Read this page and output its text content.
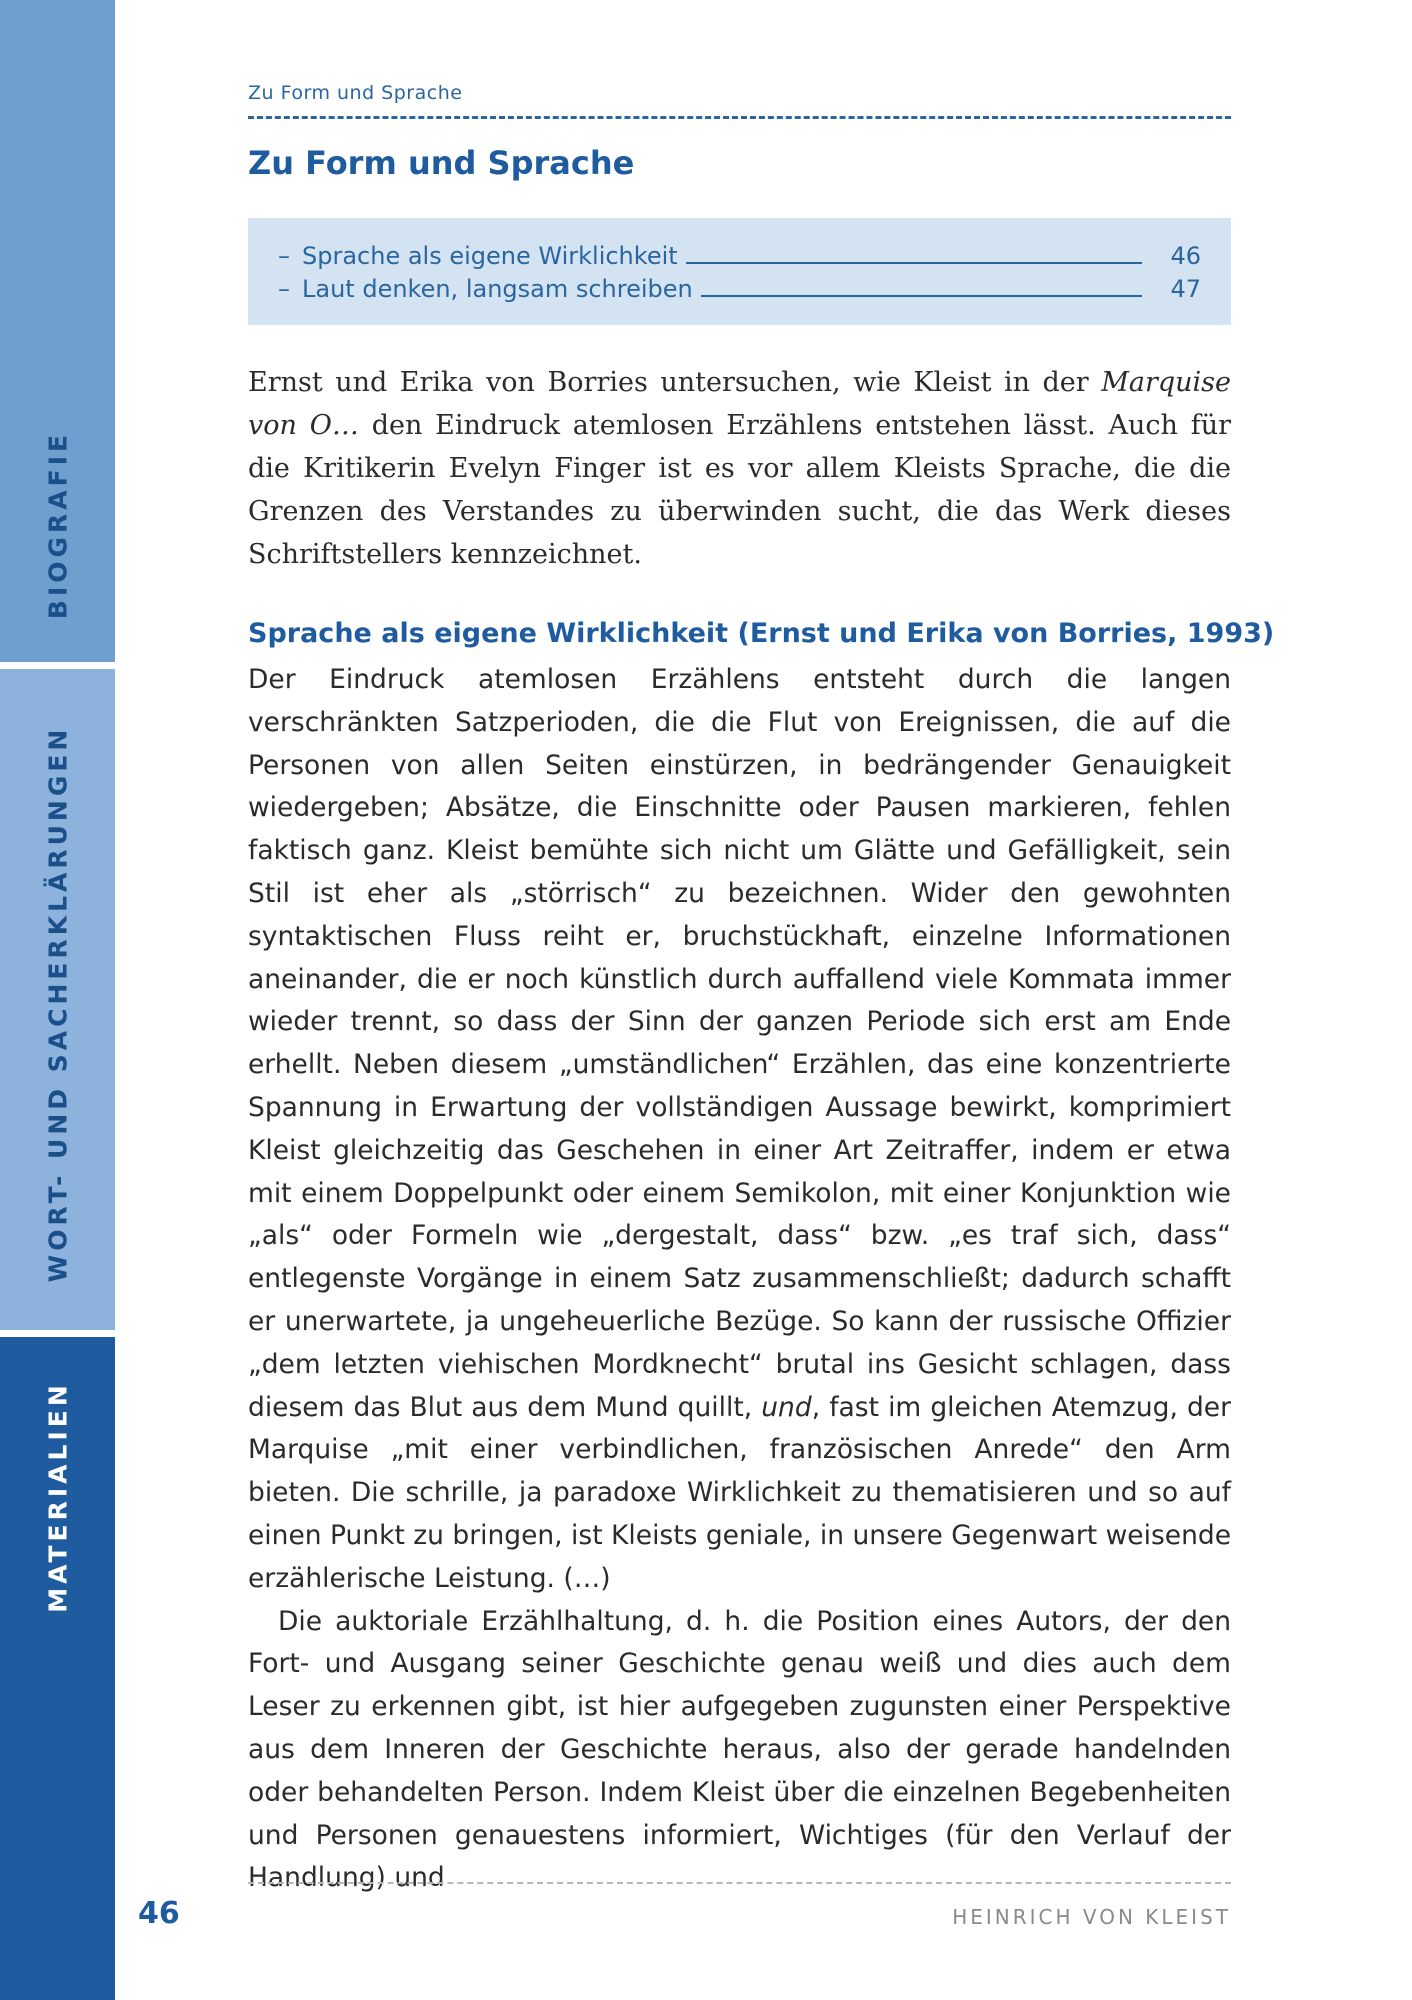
BIOGRAFIE
WORT- UND SACHERKLÄRUNGEN
MATERIALIEN
Zu Form und Sprache
Zu Form und Sprache
– Sprache als eigene Wirklichkeit	46
– Laut denken, langsam schreiben	47

Ernst und Erika von Borries untersuchen, wie Kleist in der Marquise von O… den Eindruck atemlosen Erzählens entstehen lässt. Auch für die Kritikerin Evelyn Finger ist es vor allem Kleists Sprache, die die Grenzen des Verstandes zu überwinden sucht, die das Werk dieses Schriftstellers kennzeichnet.

Sprache als eigene Wirklichkeit (Ernst und Erika von Borries, 1993)

Der Eindruck atemlosen Erzählens entsteht durch die langen verschränkten Satzperioden, die die Flut von Ereignissen, die auf die Personen von allen Seiten einstürzen, in bedrängender Genauigkeit wiedergeben; Absätze, die Einschnitte oder Pausen markieren, fehlen faktisch ganz. Kleist bemühte sich nicht um Glätte und Gefälligkeit, sein Stil ist eher als „störrisch“ zu bezeichnen. Wider den gewohnten syntaktischen Fluss reiht er, bruchstückhaft, einzelne Informationen aneinander, die er noch künstlich durch auffallend viele Kommata immer wieder trennt, so dass der Sinn der ganzen Periode sich erst am Ende erhellt. Neben diesem „umständlichen“ Erzählen, das eine konzentrierte Spannung in Erwartung der vollständigen Aussage bewirkt, komprimiert Kleist gleichzeitig das Geschehen in einer Art Zeitraffer, indem er etwa mit einem Doppelpunkt oder einem Semikolon, mit einer Konjunktion wie „als“ oder Formeln wie „dergestalt, dass“ bzw. „es traf sich, dass“ entlegenste Vorgänge in einem Satz zusammenschließt; dadurch schafft er unerwartete, ja ungeheuerliche Bezüge. So kann der russische Offizier „dem letzten viehischen Mordknecht“ brutal ins Gesicht schlagen, dass diesem das Blut aus dem Mund quillt, und, fast im gleichen Atemzug, der Marquise „mit einer verbindlichen, französischen Anrede“ den Arm bieten. Die schrille, ja paradoxe Wirklichkeit zu thematisieren und so auf einen Punkt zu bringen, ist Kleists geniale, in unsere Gegenwart weisende erzählerische Leistung. (…)

Die auktoriale Erzählhaltung, d. h. die Position eines Autors, der den Fort- und Ausgang seiner Geschichte genau weiß und dies auch dem Leser zu erkennen gibt, ist hier aufgegeben zugunsten einer Perspektive aus dem Inneren der Geschichte heraus, also der gerade handelnden oder behandelten Person. Indem Kleist über die einzelnen Begebenheiten und Personen genauestens informiert, Wichtiges (für den Verlauf der Handlung) und

46	HEINRICH VON KLEIST
